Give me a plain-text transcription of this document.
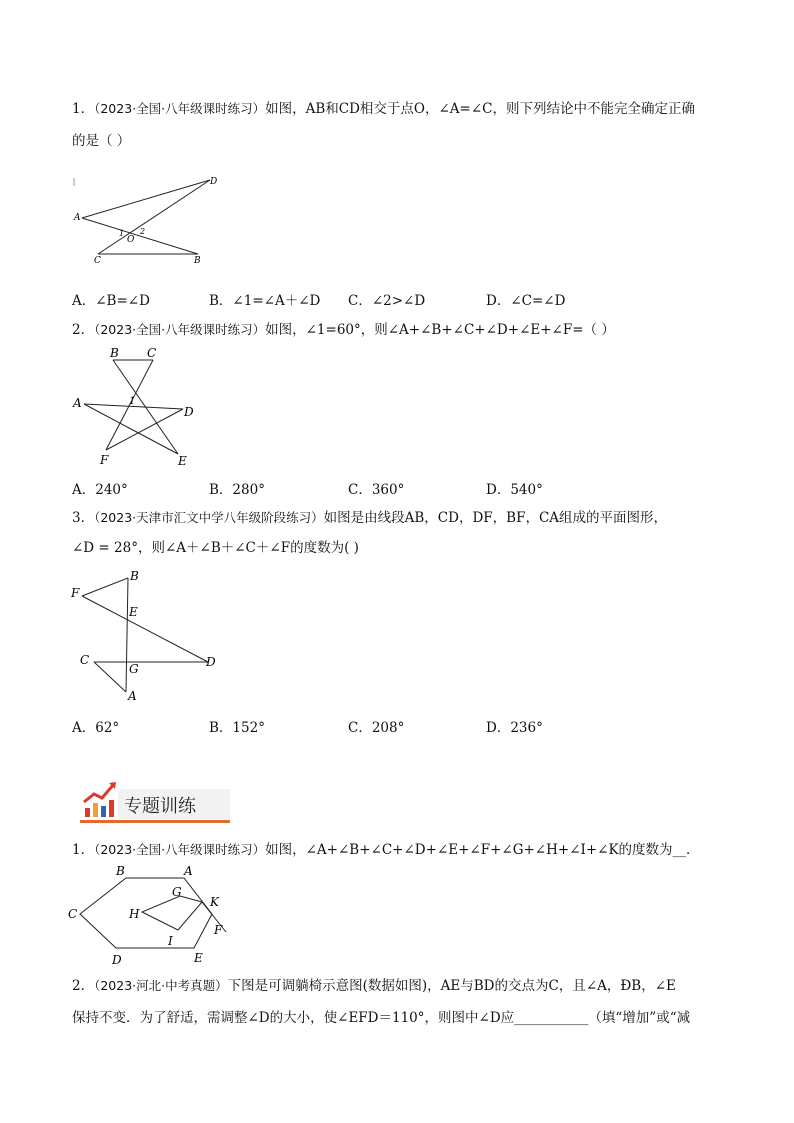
1．（2023·全国·八年级课时练习）如图，AB和CD相交于点O，∠A=∠C，则下列结论中不能完全确定正确
的是（ ）
D
A
C	B
O
1 2
A．∠B=∠D	B．∠1=∠A＋∠D C．∠2>∠D	D．∠C=∠D
2．（2023·全国·八年级课时练习）如图，∠1=60°，则∠A+∠B+∠C+∠D+∠E+∠F=（ ）
B C
A
D
F	E
1
A．240°	B．280°	C．360°	D．540°
3．（2023·天津市汇文中学八年级阶段练习）如图是由线段AB，CD，DF，BF，CA组成的平面图形，
∠D = 28°，则∠A＋∠B＋∠C＋∠F的度数为( )
B
F
E
C
G	D
A
A．62°	B．152°	C．208°	D．236°
专题训练
1．（2023·全国·八年级课时练习）如图，∠A+∠B+∠C+∠D+∠E+∠F+∠G+∠H+∠I+∠K的度数为__．
B	A
C
G
K
H
I
F
D	E
2．（2023·河北·中考真题）下图是可调躺椅示意图(数据如图)，AE与BD的交点为C，且∠A，ÐB，∠E
保持不变．为了舒适，需调整∠D的大小，使∠EFD＝110°，则图中∠D应___________（填“增加”或“减
